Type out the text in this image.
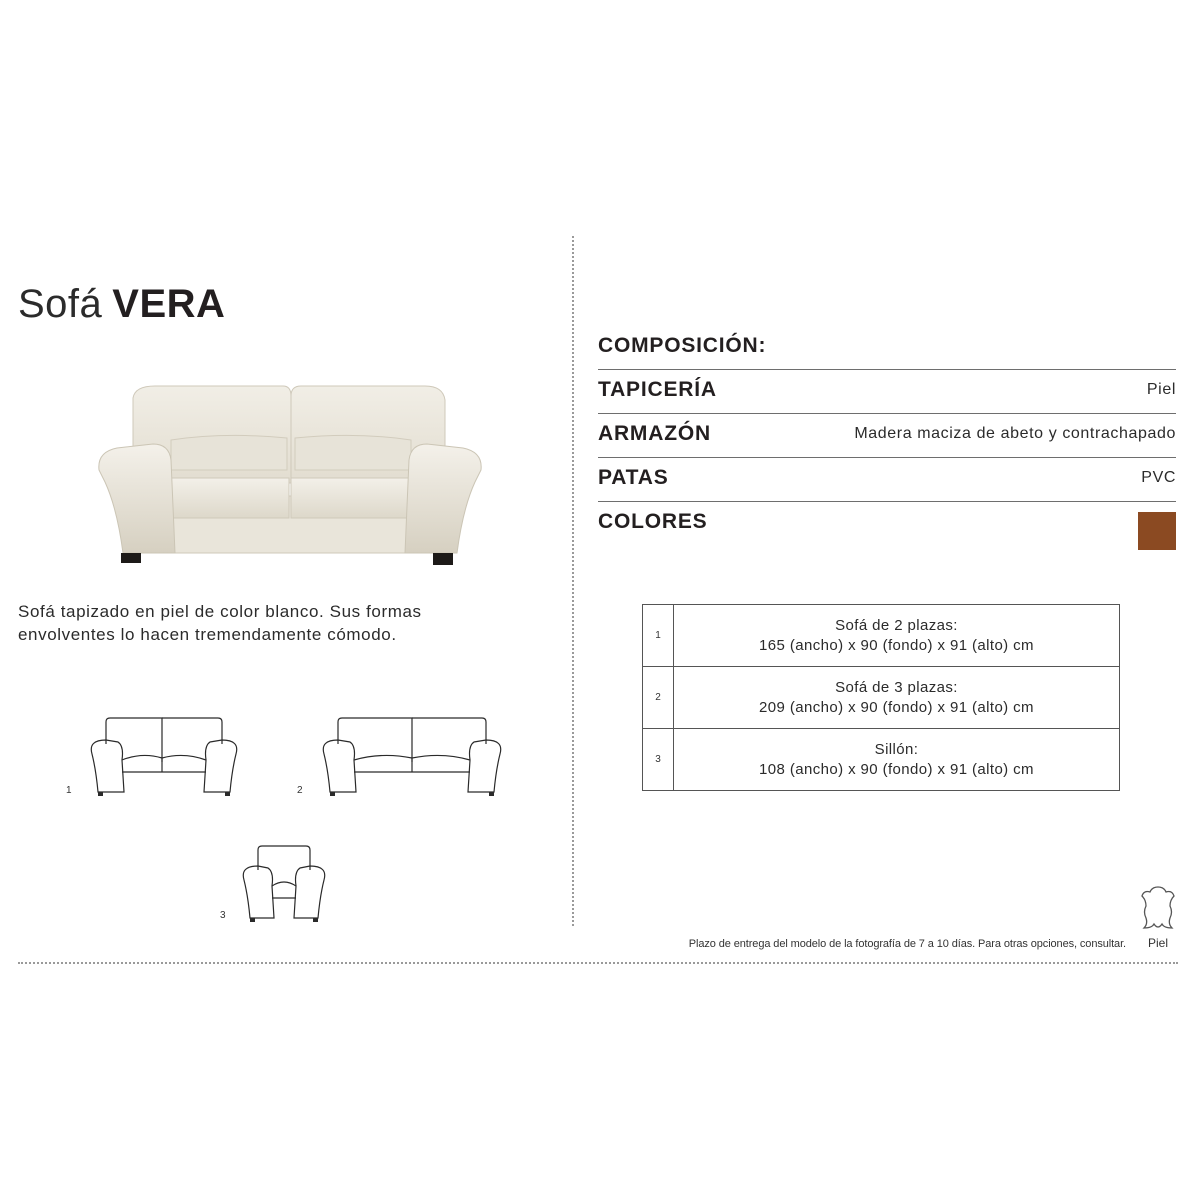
Sofá VERA
Sofá tapizado en piel de color blanco. Sus formas envolventes lo hacen tremendamente cómodo.
1	2
3
COMPOSICIÓN:
TAPICERÍA	Piel
ARMAZÓN	Madera maciza de abeto y contrachapado
PATAS	PVC
COLORES
1	Sofá de 2 plazas:
165 (ancho) x 90 (fondo) x 91 (alto) cm

2	Sofá de 3 plazas:
209 (ancho) x 90 (fondo) x 91 (alto) cm

3	Sillón:
108 (ancho) x 90 (fondo) x 91 (alto) cm
Plazo de entrega del modelo de la fotografía de 7 a 10 días. Para otras opciones, consultar.	Piel
